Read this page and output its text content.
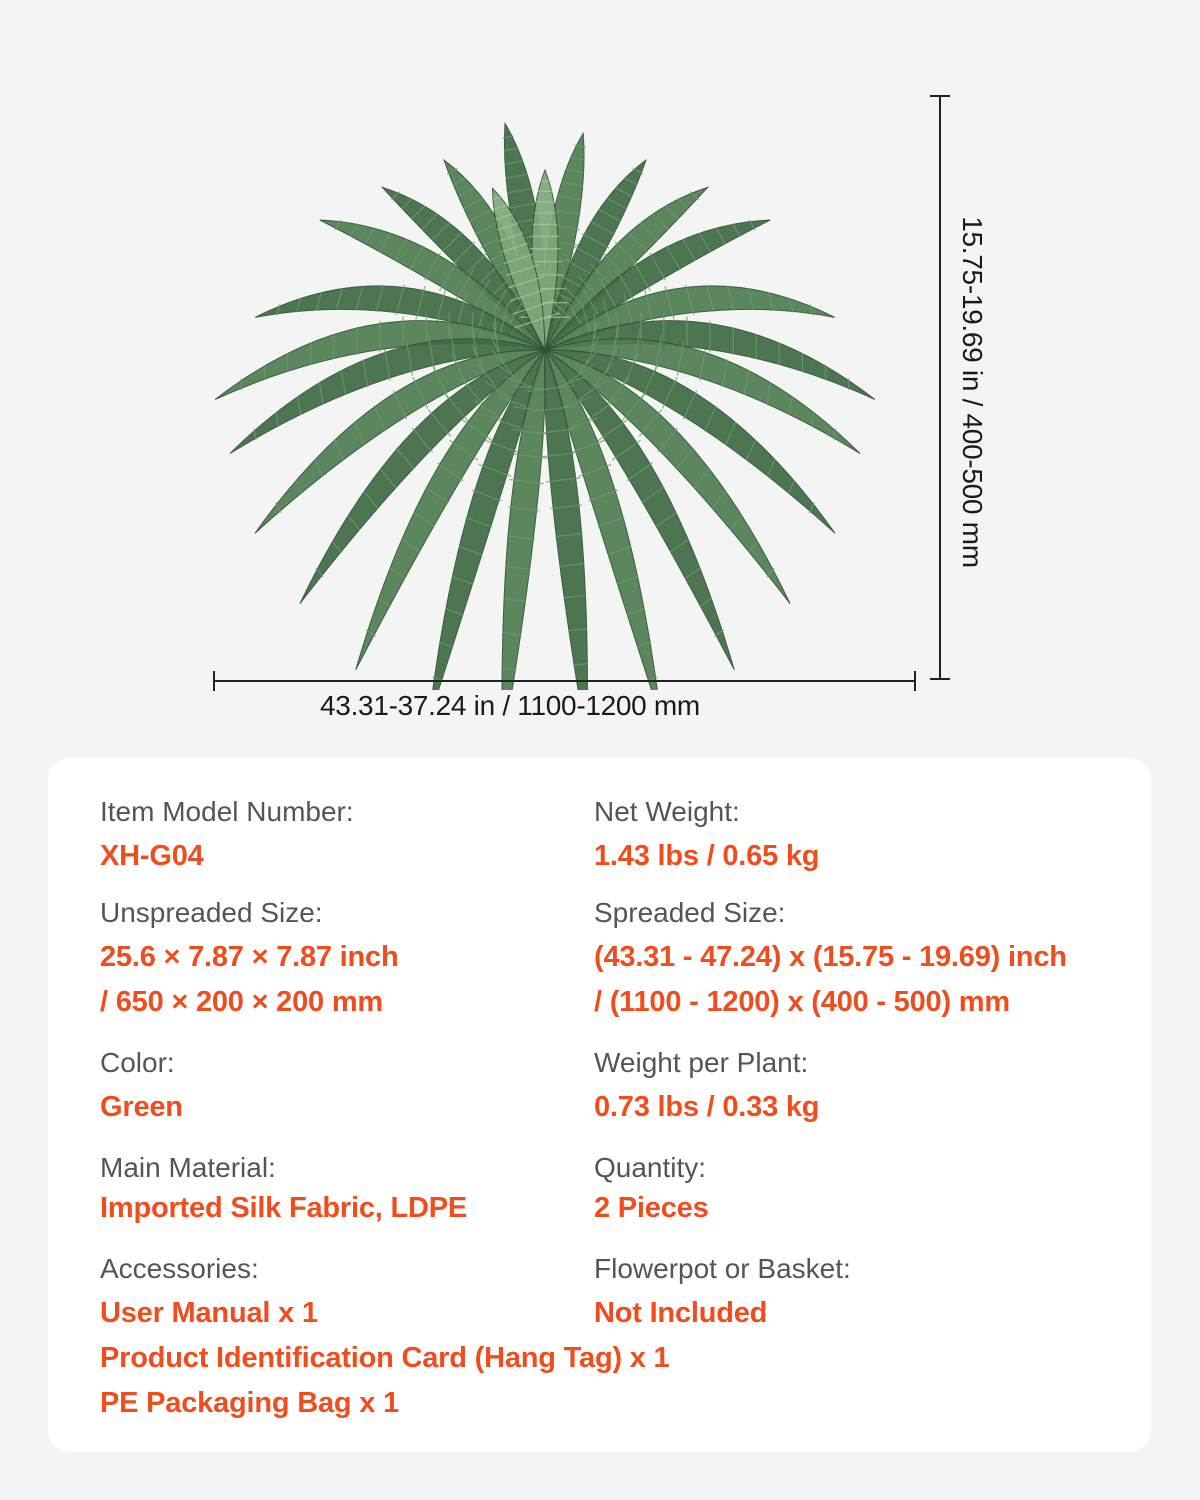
43.31-37.24 in / 1100-1200 mm
15.75-19.69 in / 400-500 mm
Item Model Number:
XH-G04
Net Weight:
1.43 lbs / 0.65 kg
Unspreaded Size:
25.6 × 7.87 × 7.87 inch
/ 650 × 200 × 200 mm
Spreaded Size:
(43.31 - 47.24) x (15.75 - 19.69) inch
/ (1100 - 1200) x (400 - 500) mm
Color:
Green
Weight per Plant:
0.73 lbs / 0.33 kg
Main Material:
Imported Silk Fabric, LDPE
Quantity:
2 Pieces
Accessories:
User Manual x 1
Product Identification Card (Hang Tag) x 1
PE Packaging Bag x 1
Flowerpot or Basket:
Not Included
